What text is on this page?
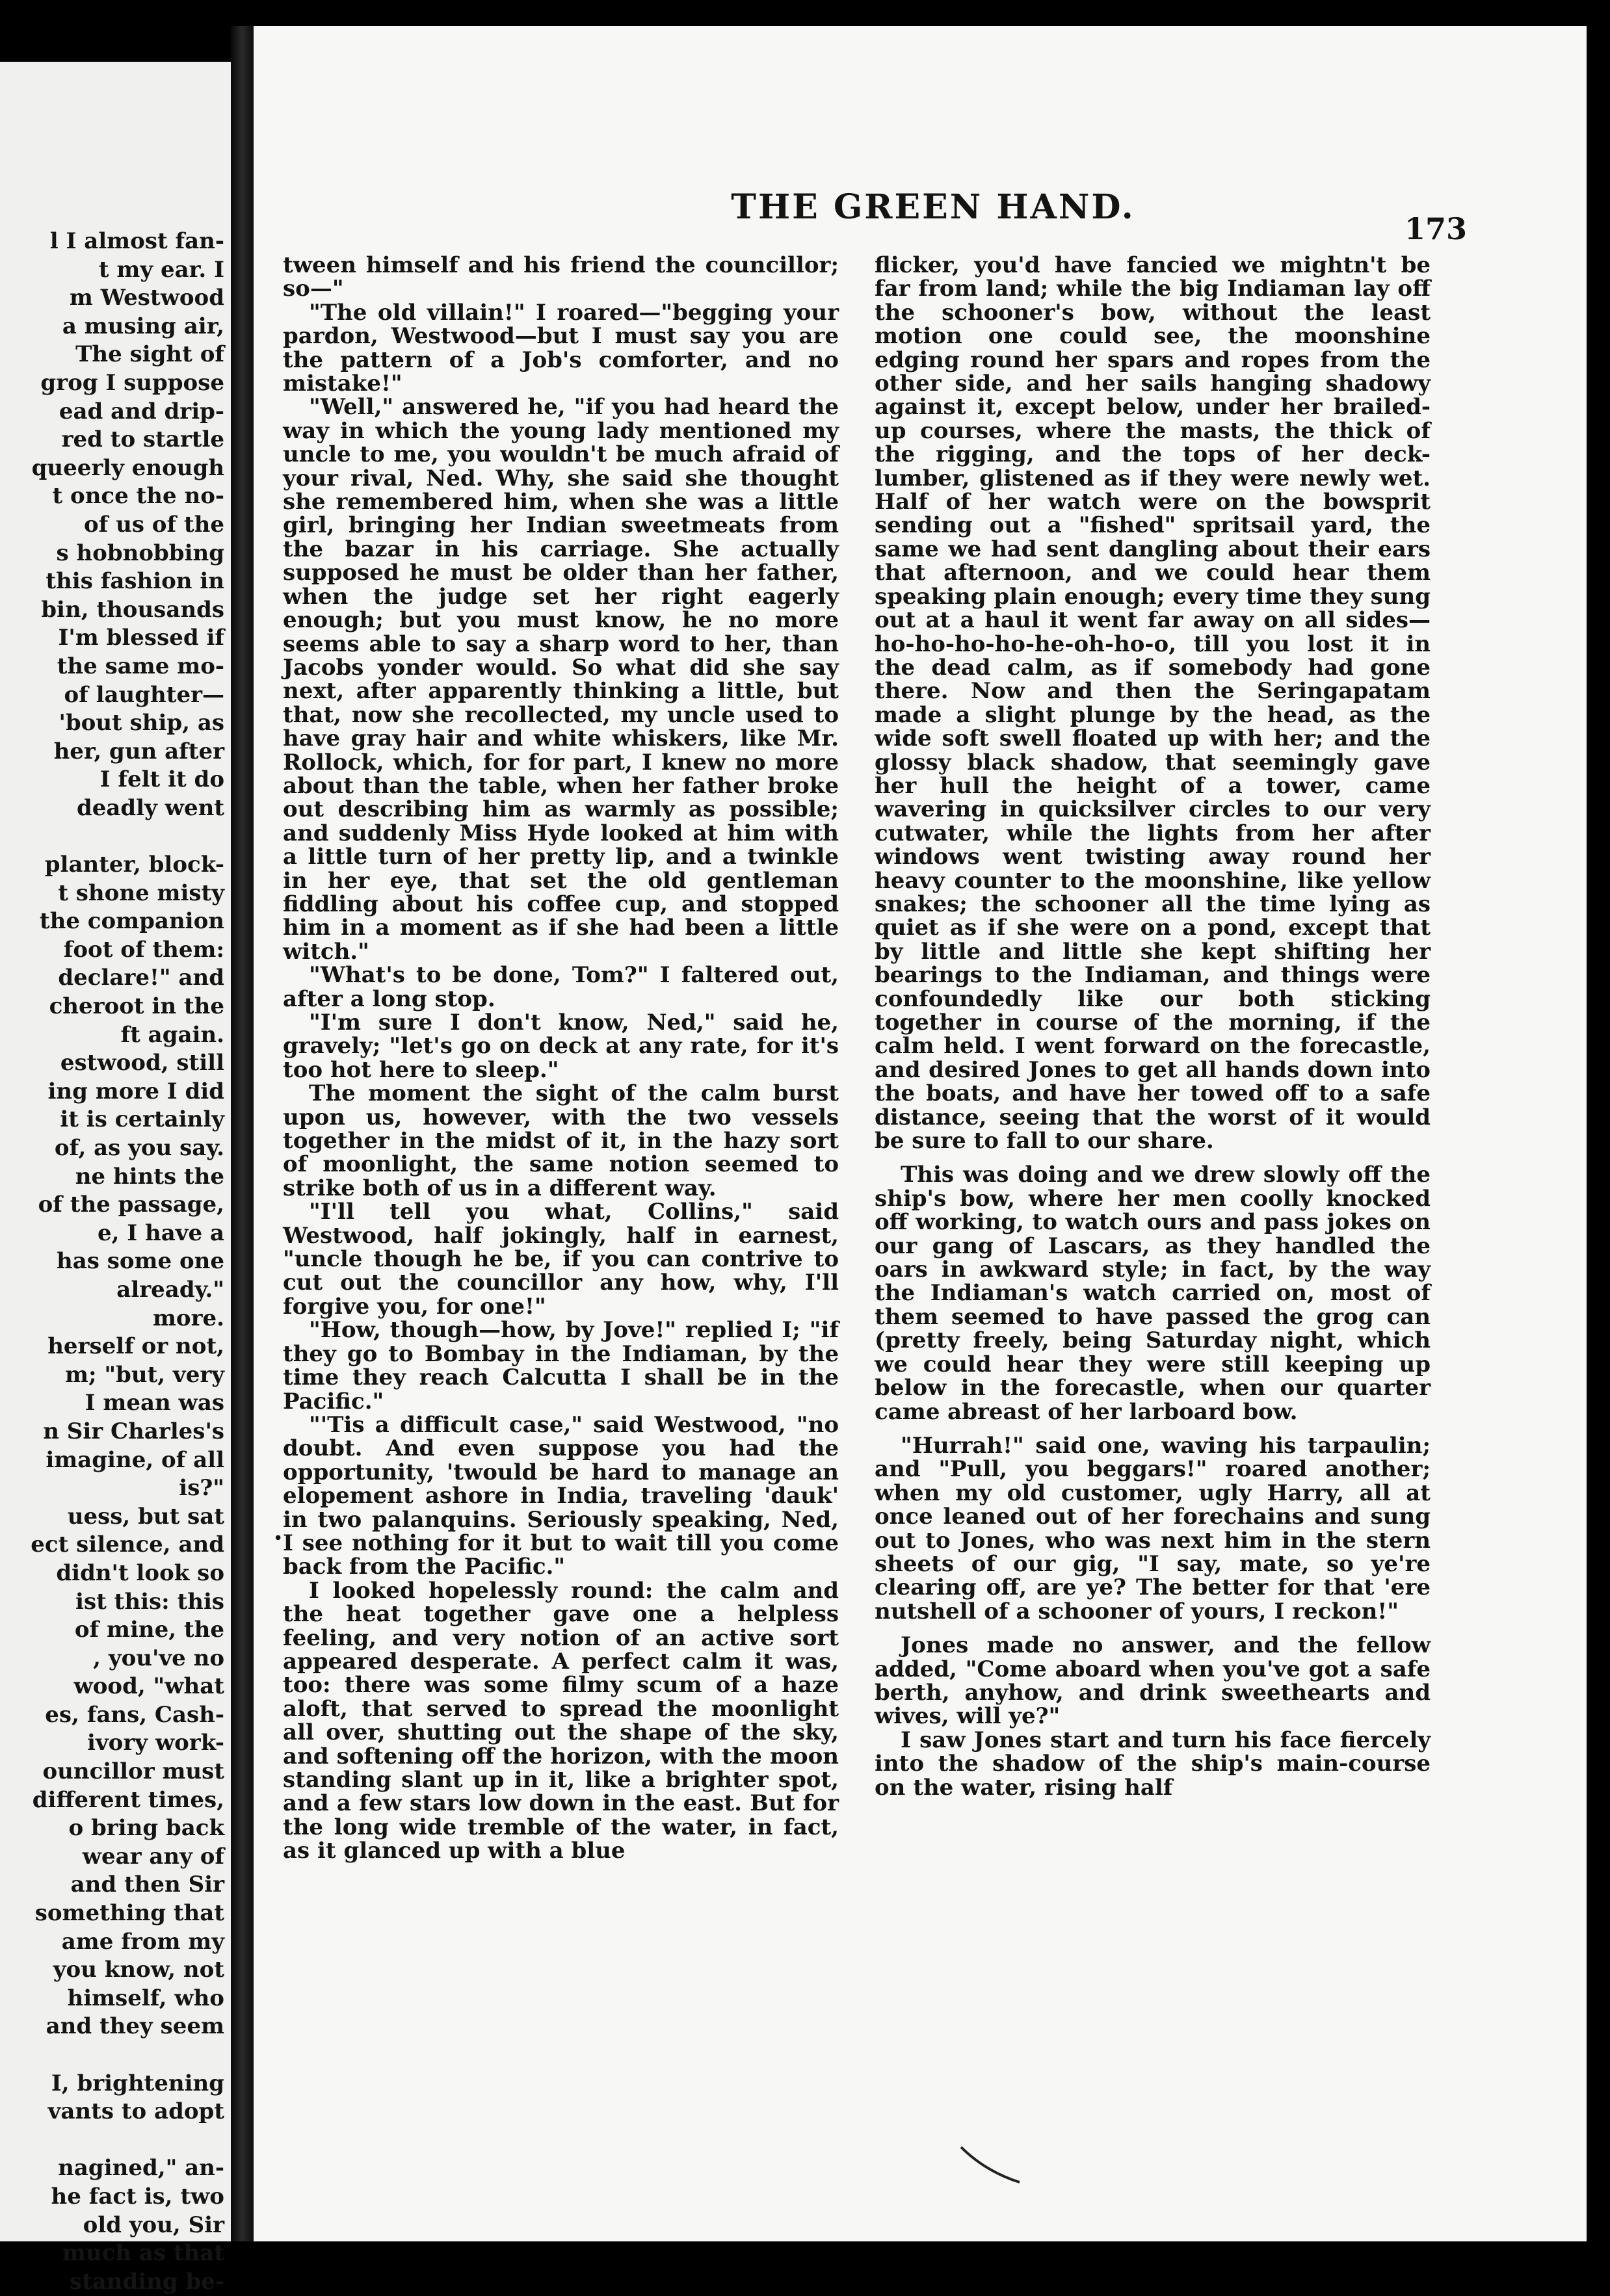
l I almost fan-
t my ear. I
m Westwood
a musing air,
The sight of
grog I suppose
ead and drip-
red to startle
queerly enough
t once the no-
of us of the
s hobnobbing
this fashion in
bin, thousands
I'm blessed if
the same mo-
of laughter—
'bout ship, as
her, gun after
I felt it do
deadly went

planter, block-
t shone misty
the companion
foot of them:
declare!" and
cheroot in the
ft again.
estwood, still
ing more I did
it is certainly
of, as you say.
ne hints the
of the passage,
e, I have a
has some one
already."
more.
herself or not,
m; "but, very
I mean was
n Sir Charles's
imagine, of all
is?"
uess, but sat
ect silence, and
didn't look so
ist this: this
of mine, the
, you've no
wood, "what
es, fans, Cash-
ivory work-
ouncillor must
different times,
o bring back
wear any of
and then Sir
something that
ame from my
you know, not
himself, who
and they seem

I, brightening
vants to adopt

nagined," an-
he fact is, two
old you, Sir
much as that
standing be-
THE GREEN HAND.
173
•

tween himself and his friend the councillor; so—"

"The old villain!" I roared—"begging your pardon, Westwood—but I must say you are the pattern of a Job's comforter, and no mistake!"

"Well," answered he, "if you had heard the way in which the young lady mentioned my uncle to me, you wouldn't be much afraid of your rival, Ned. Why, she said she thought she remembered him, when she was a little girl, bringing her Indian sweetmeats from the bazar in his carriage. She actually supposed he must be older than her father, when the judge set her right eagerly enough; but you must know, he no more seems able to say a sharp word to her, than Jacobs yonder would. So what did she say next, after apparently thinking a little, but that, now she recollected, my uncle used to have gray hair and white whiskers, like Mr. Rollock, which, for for part, I knew no more about than the table, when her father broke out describing him as warmly as possible; and suddenly Miss Hyde looked at him with a little turn of her pretty lip, and a twinkle in her eye, that set the old gentleman fiddling about his coffee cup, and stopped him in a moment as if she had been a little witch."

"What's to be done, Tom?" I faltered out, after a long stop.

"I'm sure I don't know, Ned," said he, gravely; "let's go on deck at any rate, for it's too hot here to sleep."

The moment the sight of the calm burst upon us, however, with the two vessels together in the midst of it, in the hazy sort of moonlight, the same notion seemed to strike both of us in a different way.

"I'll tell you what, Collins," said Westwood, half jokingly, half in earnest, "uncle though he be, if you can contrive to cut out the councillor any how, why, I'll forgive you, for one!"

"How, though—how, by Jove!" replied I; "if they go to Bombay in the Indiaman, by the time they reach Calcutta I shall be in the Pacific."

"'Tis a difficult case," said Westwood, "no doubt. And even suppose you had the opportunity, 'twould be hard to manage an elopement ashore in India, traveling 'dauk' in two palanquins. Seriously speaking, Ned, I see nothing for it but to wait till you come back from the Pacific."

I looked hopelessly round: the calm and the heat together gave one a helpless feeling, and very notion of an active sort appeared desperate. A perfect calm it was, too: there was some filmy scum of a haze aloft, that served to spread the moonlight all over, shutting out the shape of the sky, and softening off the horizon, with the moon standing slant up in it, like a brighter spot, and a few stars low down in the east. But for the long wide tremble of the water, in fact, as it glanced up with a blue

flicker, you'd have fancied we mightn't be far from land; while the big Indiaman lay off the schooner's bow, without the least motion one could see, the moonshine edging round her spars and ropes from the other side, and her sails hanging shadowy against it, except below, under her brailed-up courses, where the masts, the thick of the rigging, and the tops of her deck-lumber, glistened as if they were newly wet. Half of her watch were on the bowsprit sending out a "fished" spritsail yard, the same we had sent dangling about their ears that afternoon, and we could hear them speaking plain enough; every time they sung out at a haul it went far away on all sides—ho-ho-ho-ho-he-oh-ho-o, till you lost it in the dead calm, as if somebody had gone there. Now and then the Seringapatam made a slight plunge by the head, as the wide soft swell floated up with her; and the glossy black shadow, that seemingly gave her hull the height of a tower, came wavering in quicksilver circles to our very cutwater, while the lights from her after windows went twisting away round her heavy counter to the moonshine, like yellow snakes; the schooner all the time lying as quiet as if she were on a pond, except that by little and little she kept shifting her bearings to the Indiaman, and things were confoundedly like our both sticking together in course of the morning, if the calm held. I went forward on the forecastle, and desired Jones to get all hands down into the boats, and have her towed off to a safe distance, seeing that the worst of it would be sure to fall to our share.

This was doing and we drew slowly off the ship's bow, where her men coolly knocked off working, to watch ours and pass jokes on our gang of Lascars, as they handled the oars in awkward style; in fact, by the way the Indiaman's watch carried on, most of them seemed to have passed the grog can (pretty freely, being Saturday night, which we could hear they were still keeping up below in the forecastle, when our quarter came abreast of her larboard bow.

"Hurrah!" said one, waving his tarpaulin; and "Pull, you beggars!" roared another; when my old customer, ugly Harry, all at once leaned out of her forechains and sung out to Jones, who was next him in the stern sheets of our gig, "I say, mate, so ye're clearing off, are ye? The better for that 'ere nutshell of a schooner of yours, I reckon!"

Jones made no answer, and the fellow added, "Come aboard when you've got a safe berth, anyhow, and drink sweethearts and wives, will ye?"

I saw Jones start and turn his face fiercely into the shadow of the ship's main-course on the water, rising half
